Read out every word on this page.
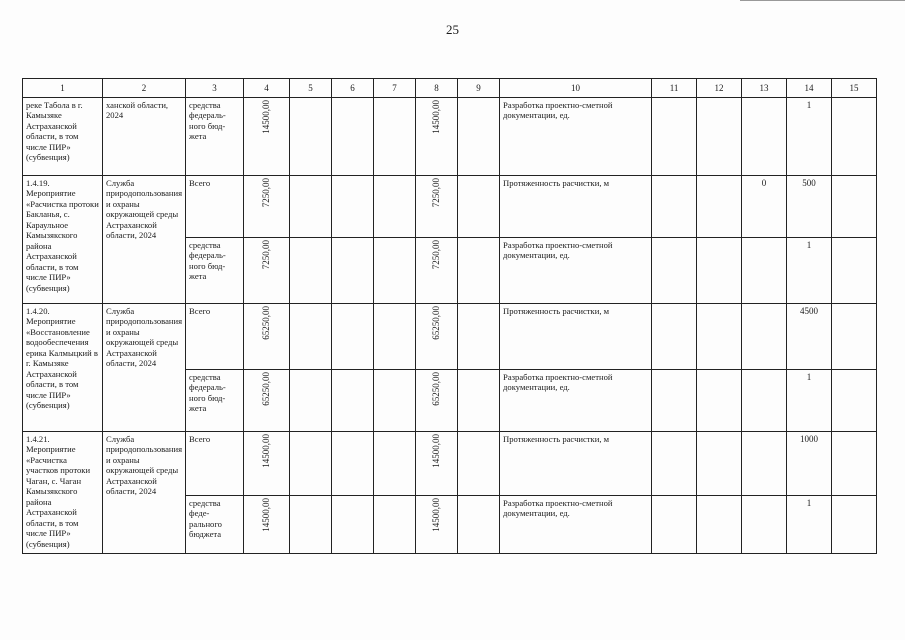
25
1	2	3	4	5	6	7	8	9	10	11	12	13	14	15
реке Табола в г. Камызяке Астраханской области, в том числе ПИР» (субвенция)	ханской области, 2024	средства федераль-ного бюд-жета	14500,00				14500,00		Разработка проектно-сметной документации, ед.				1	
1.4.19. Мероприятие «Расчистка протоки Бакланья, с. Караульное Камызякского района Астраханской области, в том числе ПИР» (субвенция)	Служба природопользования и охраны окружающей среды Астраханской области, 2024	Всего	7250,00				7250,00		Протяженность расчистки, м			0	500	
		средства федераль-ного бюд-жета	7250,00				7250,00		Разработка проектно-сметной документации, ед.				1	
1.4.20. Мероприятие «Восстановление водообеспечения ерика Калмыцкий в г. Камызяке Астраханской области, в том числе ПИР» (субвенция)	Служба природопользования и охраны окружающей среды Астраханской области, 2024	Всего	65250,00				65250,00		Протяженность расчистки, м				4500	
		средства федераль-ного бюд-жета	65250,00				65250,00		Разработка проектно-сметной документации, ед.				1	
1.4.21. Мероприятие «Расчистка участков протоки Чаган, с. Чаган Камызякского района Астраханской области, в том числе ПИР» (субвенция)	Служба природопользования и охраны окружающей среды Астраханской области, 2024	Всего	14500,00				14500,00		Протяженность расчистки, м				1000	
		средства феде-рального бюджета	14500,00				14500,00		Разработка проектно-сметной документации, ед.				1	
